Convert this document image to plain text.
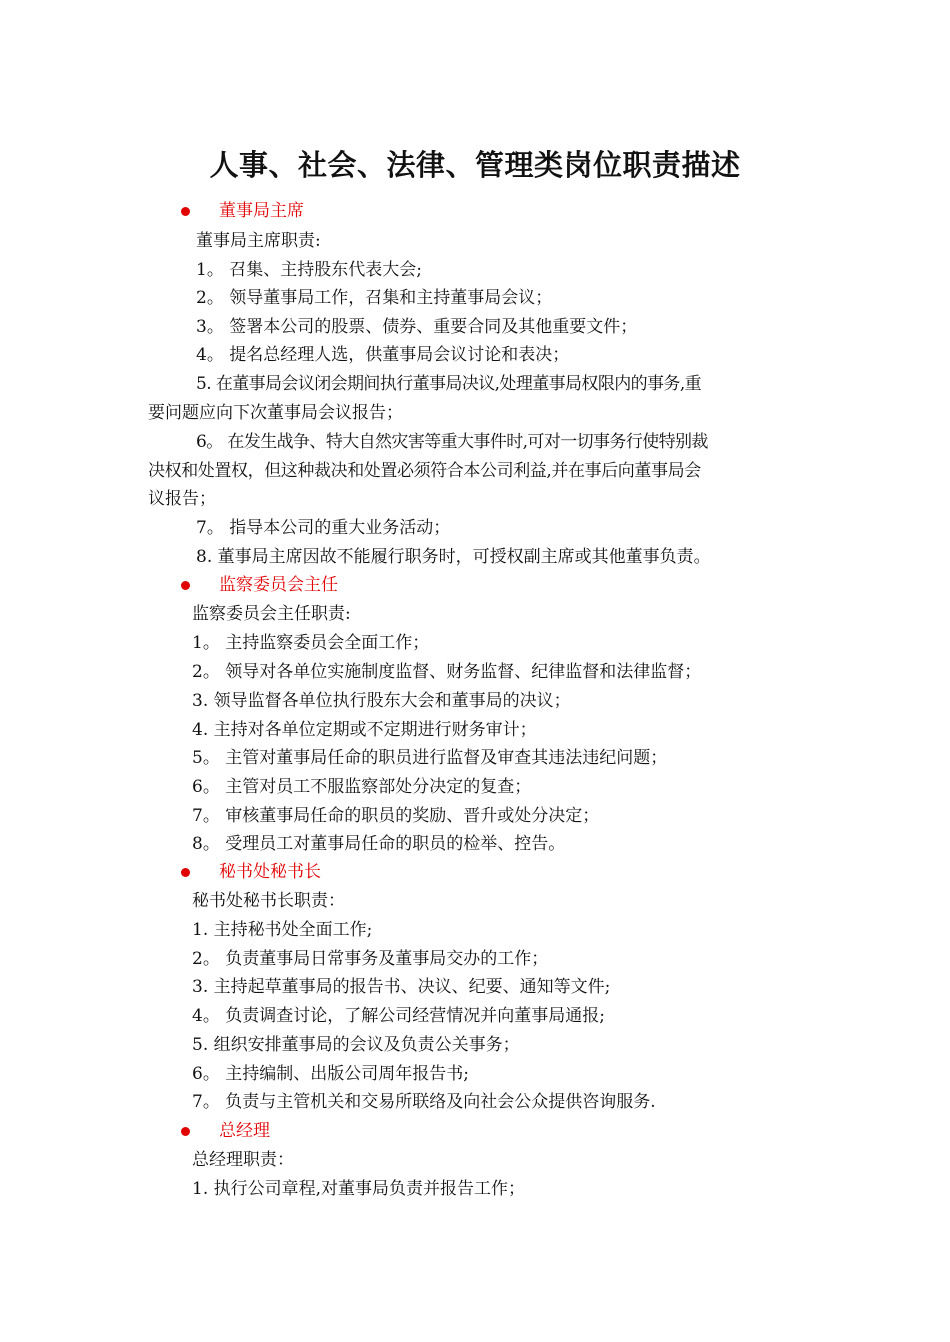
人事、社会、法律、管理类岗位职责描述
董事局主席
董事局主席职责:
1。 召集、主持股东代表大会;
2。 领导董事局工作，召集和主持董事局会议；
3。 签署本公司的股票、债券、重要合同及其他重要文件；
4。 提名总经理人选，供董事局会议讨论和表决；
5. 在董事局会议闭会期间执行董事局决议,处理董事局权限内的事务,重
要问题应向下次董事局会议报告；
6。 在发生战争、特大自然灾害等重大事件时,可对一切事务行使特别裁
决权和处置权，但这种裁决和处置必须符合本公司利益,并在事后向董事局会
议报告；
7。 指导本公司的重大业务活动；
8. 董事局主席因故不能履行职务时，可授权副主席或其他董事负责。
监察委员会主任
监察委员会主任职责:
1。 主持监察委员会全面工作；
2。 领导对各单位实施制度监督、财务监督、纪律监督和法律监督；
3. 领导监督各单位执行股东大会和董事局的决议；
4. 主持对各单位定期或不定期进行财务审计；
5。 主管对董事局任命的职员进行监督及审查其违法违纪问题；
6。 主管对员工不服监察部处分决定的复查；
7。 审核董事局任命的职员的奖励、晋升或处分决定；
8。 受理员工对董事局任命的职员的检举、控告。
秘书处秘书长
秘书处秘书长职责：
1. 主持秘书处全面工作;
2。 负责董事局日常事务及董事局交办的工作；
3. 主持起草董事局的报告书、决议、纪要、通知等文件;
4。 负责调查讨论，了解公司经营情况并向董事局通报;
5. 组织安排董事局的会议及负责公关事务；
6。 主持编制、出版公司周年报告书;
7。 负责与主管机关和交易所联络及向社会公众提供咨询服务.
总经理
总经理职责：
1. 执行公司章程,对董事局负责并报告工作；
